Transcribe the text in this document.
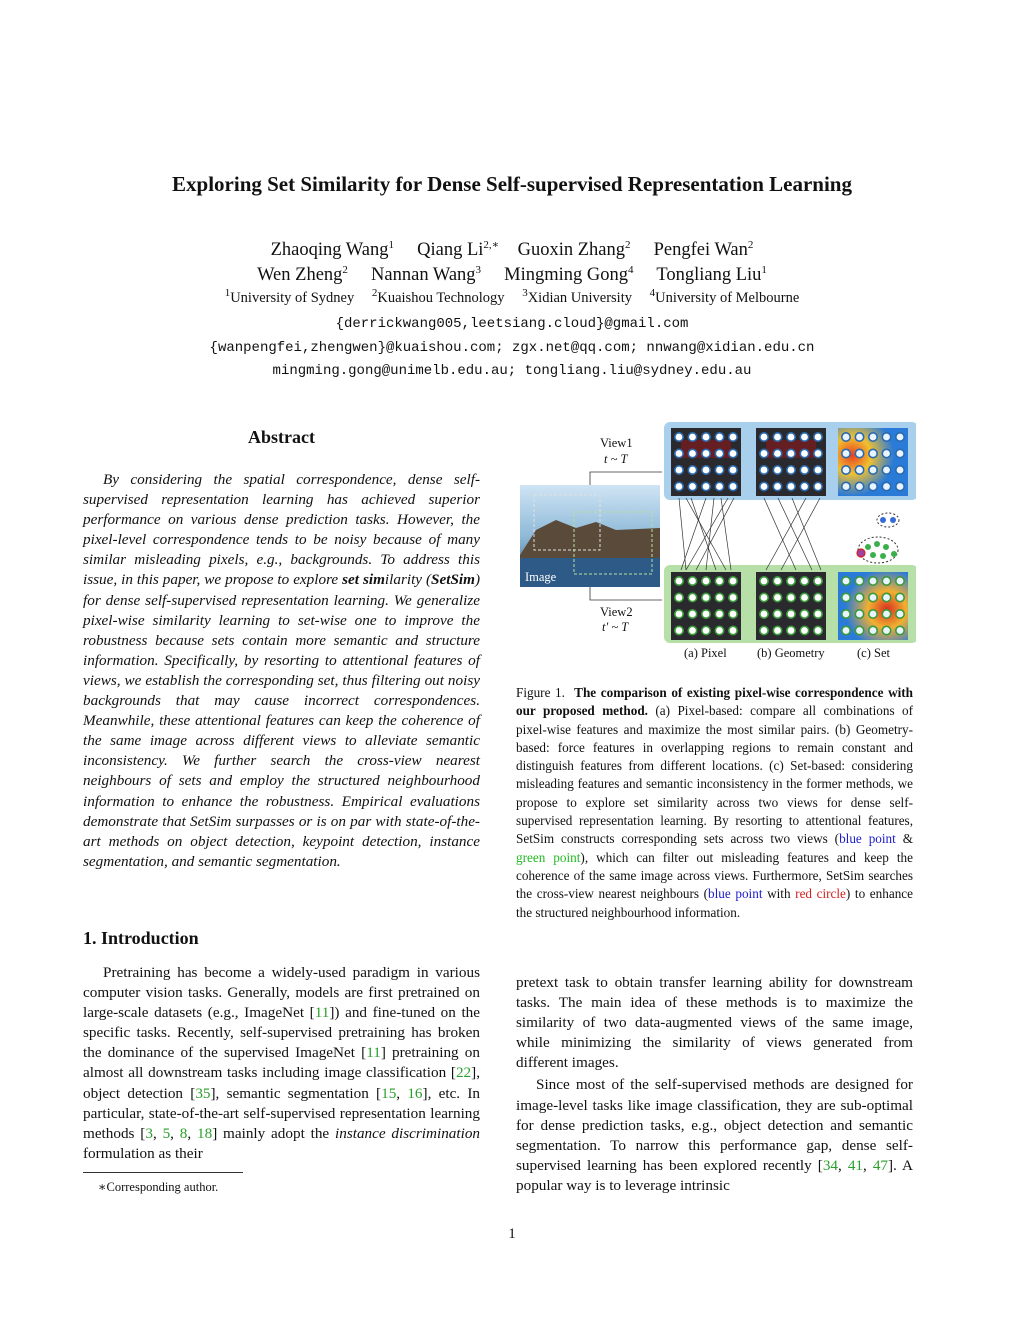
Exploring Set Similarity for Dense Self-supervised Representation Learning
Zhaoqing Wang$^1$ Qiang $Li^{2,∗}$ Guoxin Zhang$^2$ Pengfei Wan$^2$
Wen Zheng$^2$ Nannan Wang$^3$ Mingming Gong$^4$ Tongliang Liu$^1$
$^1$University of Sydney $^2$Kuaishou Technology $^3$Xidian University $^4$University of Melbourne
{derrickwang005,leetsiang.cloud}@gmail.com
{wanpengfei,zhengwen}@kuaishou.com; zgx.net@qq.com; nnwang@xidian.edu.cn
mingming.gong@unimelb.edu.au; tongliang.liu@sydney.edu.au
Abstract

By considering the spatial correspondence, dense self-supervised representation learning has achieved superior performance on various dense prediction tasks. However, the pixel-level correspondence tends to be noisy because of many similar misleading pixels, e.g., backgrounds. To address this issue, in this paper, we propose to explore set similarity (SetSim) for dense self-supervised representation learning. We generalize pixel-wise similarity learning to set-wise one to improve the robustness because sets contain more semantic and structure information. Specifically, by resorting to attentional features of views, we establish the corresponding set, thus filtering out noisy backgrounds that may cause incorrect correspondences. Meanwhile, these attentional features can keep the coherence of the same image across different views to alleviate semantic inconsistency. We further search the cross-view nearest neighbours of sets and employ the structured neighbourhood information to enhance the robustness. Empirical evaluations demonstrate that SetSim surpasses or is on par with state-of-the-art methods on object detection, keypoint detection, instance segmentation, and semantic segmentation.

1. Introduction

Pretraining has become a widely-used paradigm in various computer vision tasks. Generally, models are first pretrained on large-scale datasets (e.g., ImageNet [11]) and fine-tuned on the specific tasks. Recently, self-supervised pretraining has broken the dominance of the supervised ImageNet [11] pretraining on almost all downstream tasks including image classification [22], object detection [35], semantic segmentation [15, 16], etc. In particular, state-of-the-art self-supervised representation learning methods [3, 5, 8, 18] mainly adopt the instance discrimination formulation as their

∗Corresponding author.
View1
t ~ T
View2
t′ ~ T
Image
(a) Pixel (b) Geometry	(c) Set
Figure 1. The comparison of existing pixel-wise correspondence with our proposed method. (a) Pixel-based: compare all combinations of pixel-wise features and maximize the most similar pairs. (b) Geometry-based: force features in overlapping regions to remain constant and distinguish features from different locations. (c) Set-based: considering misleading features and semantic inconsistency in the former methods, we propose to explore set similarity across two views for dense self-supervised representation learning. By resorting to attentional features, SetSim constructs corresponding sets across two views (blue point & green point), which can filter out misleading features and keep the coherence of the same image across views. Furthermore, SetSim searches the cross-view nearest neighbours (blue point with red circle) to enhance the structured neighbourhood information.

pretext task to obtain transfer learning ability for downstream tasks. The main idea of these methods is to maximize the similarity of two data-augmented views of the same image, while minimizing the similarity of views generated from different images.

Since most of the self-supervised methods are designed for image-level tasks like image classification, they are sub-optimal for dense prediction tasks, e.g., object detection and semantic segmentation. To narrow this performance gap, dense self-supervised learning has been explored recently [34, 41, 47]. A popular way is to leverage intrinsic

1
